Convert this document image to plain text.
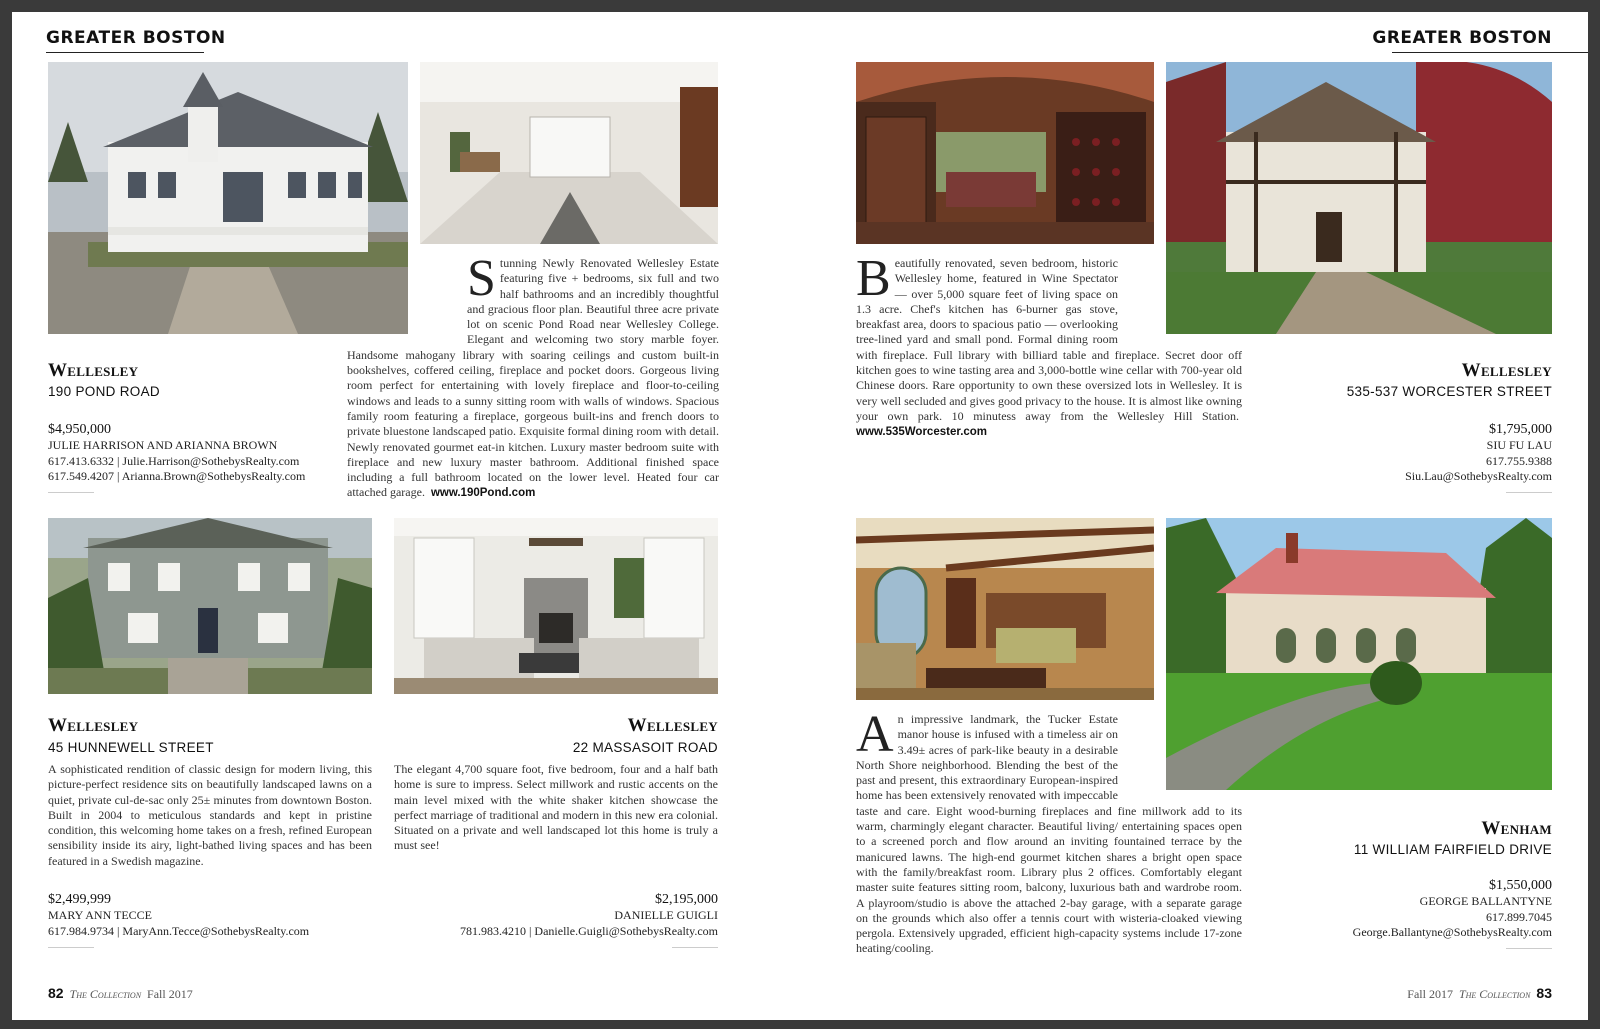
GREATER BOSTON

Stunning Newly Renovated Wellesley Estate featuring five + bedrooms, six full and two half bathrooms and an incredibly thoughtful and gracious floor plan. Beautiful three acre private lot on scenic Pond Road near Wellesley College. Elegant and welcoming two story marble foyer. Handsome mahogany library with soaring ceilings and custom built-in bookshelves, coffered ceiling, fireplace and pocket doors. Gorgeous living room perfect for entertaining with lovely fireplace and floor-to-ceiling windows and leads to a sunny sitting room with walls of windows. Spacious family room featuring a fireplace, gorgeous built-ins and french doors to private bluestone landscaped patio. Exquisite formal dining room with detail. Newly renovated gourmet eat-in kitchen. Luxury master bedroom suite with fireplace and new luxury master bathroom. Additional finished space including a full bathroom located on the lower level. Heated four car attached garage. www.190Pond.com

Wellesley
190 POND ROAD
$4,950,000
JULIE HARRISON AND ARIANNA BROWN
617.413.6332 | Julie.Harrison@SothebysRealty.com
617.549.4207 | Arianna.Brown@SothebysRealty.com
Wellesley
45 HUNNEWELL STREET

A sophisticated rendition of classic design for modern living, this picture-perfect residence sits on beautifully landscaped lawns on a quiet, private cul-de-sac only 25± minutes from downtown Boston. Built in 2004 to meticulous standards and kept in pristine condition, this welcoming home takes on a fresh, refined European sensibility inside its airy, light-bathed living spaces and has been featured in a Swedish magazine.

$2,499,999
MARY ANN TECCE
617.984.9734 | MaryAnn.Tecce@SothebysRealty.com
Wellesley
22 MASSASOIT ROAD

The elegant 4,700 square foot, five bedroom, four and a half bath home is sure to impress. Select millwork and rustic accents on the main level mixed with the white shaker kitchen showcase the perfect marriage of traditional and modern in this new era colonial. Situated on a private and well landscaped lot this home is truly a must see!

$2,195,000
DANIELLE GUIGLI
781.983.4210 | Danielle.Guigli@SothebysRealty.com
82 The Collection Fall 2017
GREATER BOSTON

Beautifully renovated, seven bedroom, historic Wellesley home, featured in Wine Spectator — over 5,000 square feet of living space on 1.3 acre. Chef's kitchen has 6-burner gas stove, breakfast area, doors to spacious patio — overlooking tree-lined yard and small pond. Formal dining room with fireplace. Full library with billiard table and fireplace. Secret door off kitchen goes to wine tasting area and 3,000-bottle wine cellar with 700-year old Chinese doors. Rare opportunity to own these oversized lots in Wellesley. It is very well secluded and gives good privacy to the house. It is almost like owning your own park. 10 minutess away from the Wellesley Hill Station.  www.535Worcester.com

Wellesley
535-537 WORCESTER STREET
$1,795,000
SIU FU LAU
617.755.9388
Siu.Lau@SothebysRealty.com

An impressive landmark, the Tucker Estate manor house is infused with a timeless air on 3.49± acres of park-like beauty in a desirable North Shore neighborhood. Blending the best of the past and present, this extraordinary European-inspired home has been extensively renovated with impeccable taste and care. Eight wood-burning fireplaces and fine millwork add to its warm, charmingly elegant character. Beautiful living/ entertaining spaces open to a screened porch and flow around an inviting fountained terrace by the manicured lawns. The high-end gourmet kitchen shares a bright open space with the family/breakfast room. Library plus 2 offices. Comfortably elegant master suite features sitting room, balcony, luxurious bath and wardrobe room. A playroom/studio is above the attached 2-bay garage, with a separate garage on the grounds which also offer a tennis court with wisteria-cloaked viewing pergola. Extensively upgraded, efficient high-capacity systems include 17-zone heating/cooling.

Wenham
11 WILLIAM FAIRFIELD DRIVE
$1,550,000
GEORGE BALLANTYNE
617.899.7045
George.Ballantyne@SothebysRealty.com
Fall 2017 The Collection 83
